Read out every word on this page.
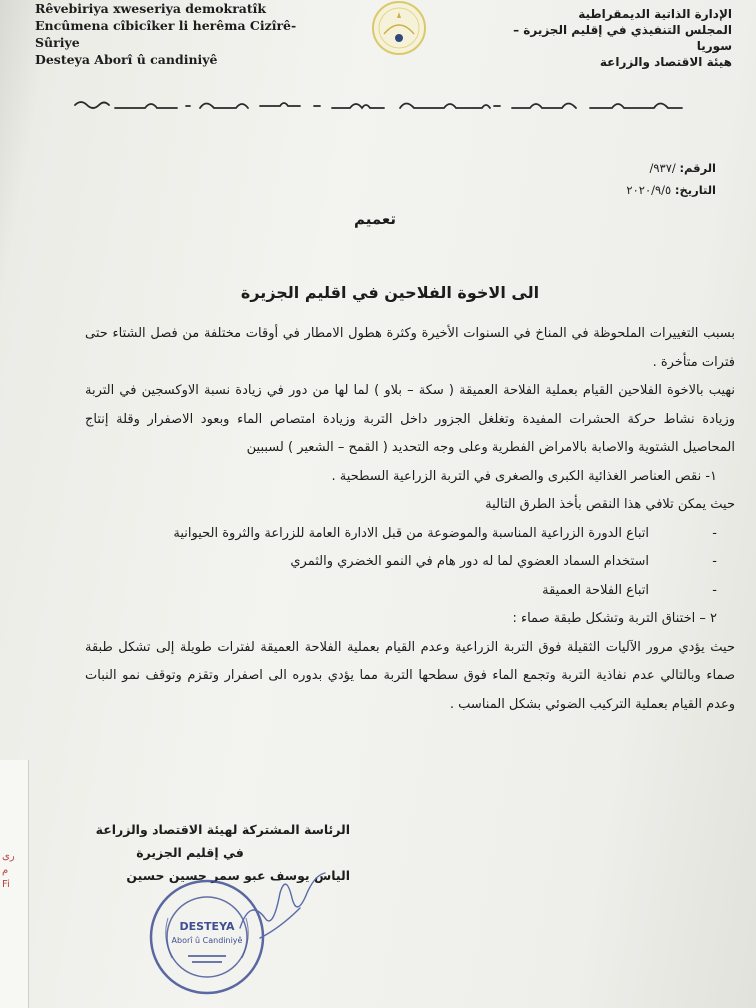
ری
م
Fi
Rêvebiriya xweseriya demokratîk
Encûmena cîbicîker li herêma Cizîrê-Sûriye
Desteya Aborî û candiniyê
الإدارة الذاتية الديمقراطية
المجلس التنفيذي في إقليم الجزيرة – سوريا
هيئة الاقتصاد والزراعة
الرقم: /٩٣٧/
التاريخ: ٢٠٢٠/٩/٥
تعميم
الى الاخوة الفلاحين في اقليم الجزيرة

بسبب التغييرات الملحوظة في المناخ في السنوات الأخيرة وكثرة هطول الامطار في أوقات مختلفة من فصل الشتاء حتى فترات متأخرة .

نهيب بالاخوة الفلاحين القيام بعملية الفلاحة العميقة ( سكة – بلاو ) لما لها من دور في زيادة نسبة الاوكسجين في التربة وزيادة نشاط حركة الحشرات المفيدة وتغلغل الجزور داخل التربة وزيادة امتصاص الماء وبعود الاصفرار وقلة إنتاج المحاصيل الشتوية والاصابة بالامراض الفطرية وعلى وجه التحديد ( القمح – الشعير ) لسببين

١- نقص العناصر الغذائية الكبرى والصغرى في التربة الزراعية السطحية .

حيث يمكن تلافي هذا النقص بأخذ الطرق التالية

- اتباع الدورة الزراعية المناسبة والموضوعة من قبل الادارة العامة للزراعة والثروة الحيوانية

- استخدام السماد العضوي لما له دور هام في النمو الخضري والثمري

- اتباع الفلاحة العميقة

٢ – اختناق التربة وتشكل طبقة صماء :

حيث يؤدي مرور الآليات الثقيلة فوق التربة الزراعية وعدم القيام بعملية الفلاحة العميقة لفترات طويلة إلى تشكل طبقة صماء وبالتالي عدم نفاذية التربة وتجمع الماء فوق سطحها التربة مما يؤدي بدوره الى اصفرار وتقزم وتوقف نمو النبات وعدم القيام بعملية التركيب الضوئي بشكل المناسب .

الرئاسة المشتركة لهيئة الاقتصاد والزراعة
في إقليم الجزيرة
الياس يوسف عبو سمر حسين حسين
DESTEYA
Aborî û Candiniyê
